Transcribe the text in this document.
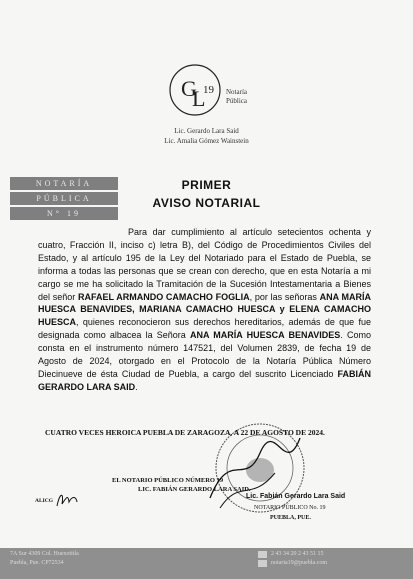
G
L
19 Notaría
Pública
Lic. Gerardo Lara Said
Lic. Amalia Gómez Wainstein
NOTARÍA
PÚBLICA
N° 19
PRIMER
AVISO NOTARIAL

Para dar cumplimiento al artículo setecientos ochenta y cuatro, Fracción II, inciso c) letra B), del Código de Procedimientos Civiles del Estado, y al artículo 195 de la Ley del Notariado para el Estado de Puebla, se informa a todas las personas que se crean con derecho, que en esta Notaría a mi cargo se me ha solicitado la Tramitación de la Sucesión Intestamentaria a Bienes del señor RAFAEL ARMANDO CAMACHO FOGLIA, por las señoras ANA MARÍA HUESCA BENAVIDES, MARIANA CAMACHO HUESCA y ELENA CAMACHO HUESCA, quienes reconocieron sus derechos hereditarios, además de que fue designada como albacea la Señora ANA MARÍA HUESCA BENAVIDES. Como consta en el instrumento número 147521, del Volumen 2839, de fecha 19 de Agosto de 2024, otorgado en el Protocolo de la Notaría Pública Número Diecinueve de ésta Ciudad de Puebla, a cargo del suscrito Licenciado FABIÁN GERARDO LARA SAID.

CUATRO VECES HEROICA PUEBLA DE ZARAGOZA, A 22 DE AGOSTO DE 2024.
EL NOTARIO PÚBLICO NÚMERO 19
LIC. FABIÁN GERARDO LARA SAID.
Lic. Fabián Gerardo Lara Said
NOTARIO PÚBLICO No. 19
PUEBLA, PUE.
ALICG
7A Sur 4309 Col. Huexotitla
Puebla, Pue. CP72534
2 43 34 20 2 43 51 15
notaria19@puebla.com
